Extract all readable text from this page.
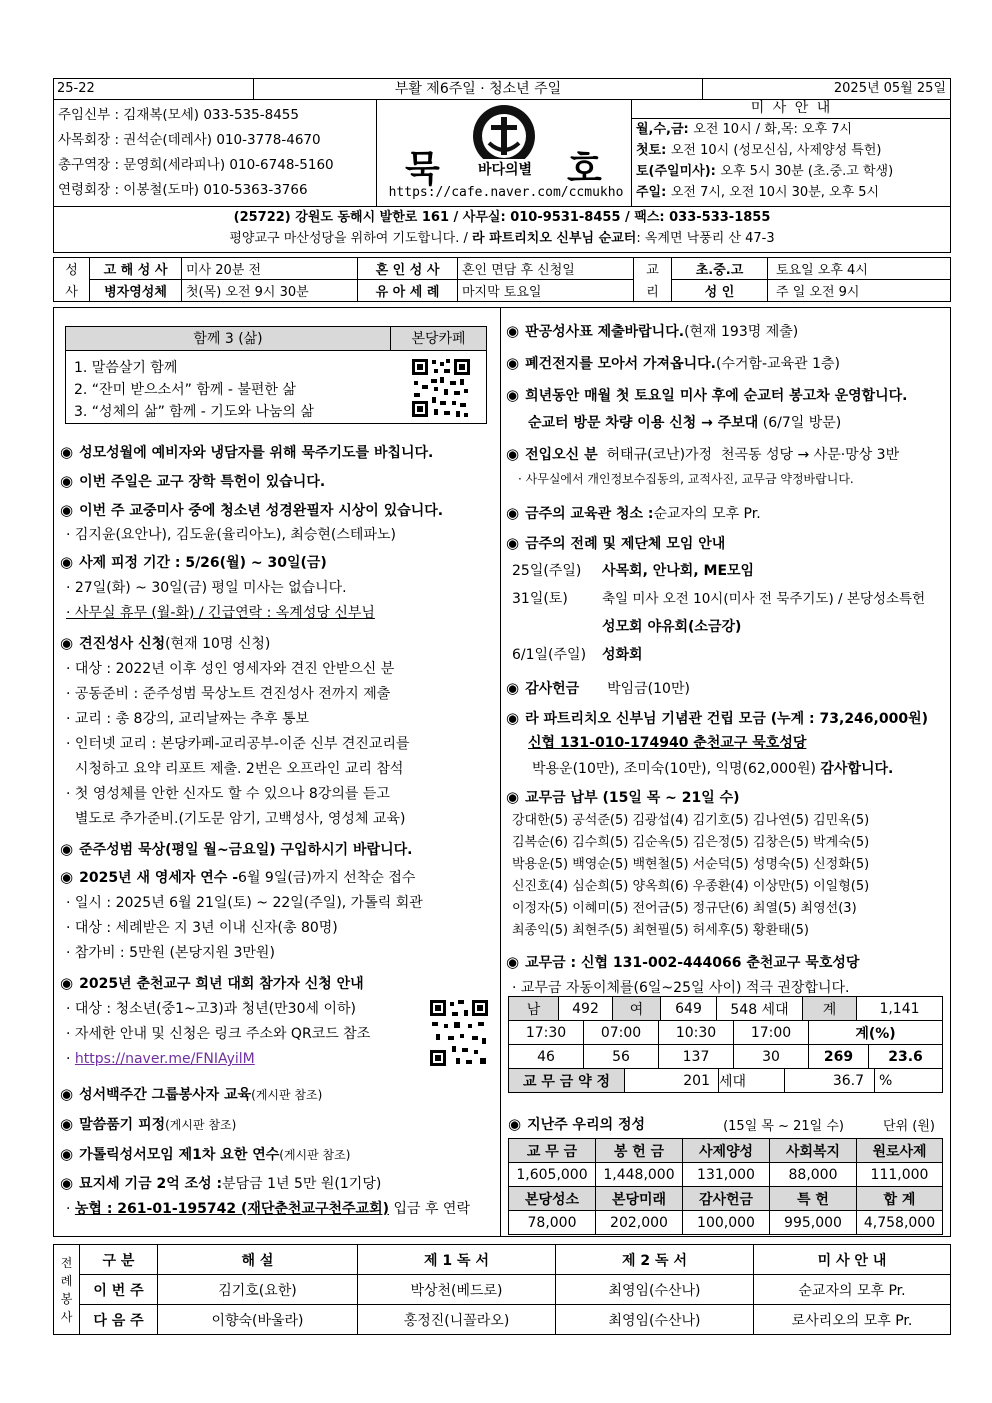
25-22	부활 제6주일 · 청소년 주일	2025년 05월 25일
주임신부 : 김재복(모세) 033-535-8455
사목회장 : 권석순(데레사) 010-3778-4670
총구역장 : 문영희(세라피나) 010-6748-5160
연령회장 : 이봉철(도마) 010-5363-3766	묵	호
바다의별
https://cafe.naver.com/ccmukho
미 사 안 내
월,수,금: 오전 10시 / 화,목: 오후 7시
첫토: 오전 10시 (성모신심, 사제양성 특헌)
토(주일미사): 오후 5시 30분 (초.중.고 학생)
주일: 오전 7시, 오전 10시 30분, 오후 5시
(25722) 강원도 동해시 발한로 161 / 사무실: 010-9531-8455 / 팩스: 033-533-1855
평양교구 마산성당을 위하여 기도합니다. / 라 파트리치오 신부님 순교터: 옥계면 낙풍리 산 47-3
성	고 해 성 사	미사 20분 전	혼 인 성 사	혼인 면담 후 신청일	교	초.중.고	토요일 오후 4시
사	병자영성체	첫(목) 오전 9시 30분	유 아 세 례	마지막 토요일	리	성 인	주 일 오전 9시
함께 3 (삶)	본당카페
1. 말씀살기 함께
2. “잔미 받으소서” 함께 - 불편한 삶
3. “성체의 삶” 함께 - 기도와 나눔의 삶
◉ 성모성월에 예비자와 냉담자를 위해 묵주기도를 바칩니다.
◉ 이번 주일은 교구 장학 특헌이 있습니다.
◉ 이번 주 교중미사 중에 청소년 성경완필자 시상이 있습니다.
· 김지윤(요안나), 김도윤(율리아노), 최승현(스테파노)
◉ 사제 피정 기간 : 5/26(월) ~ 30일(금)
· 27일(화) ~ 30일(금) 평일 미사는 없습니다.
· 사무실 휴무 (월-화) / 긴급연락 : 옥계성당 신부님
◉ 견진성사 신청 (현재 10명 신청)
· 대상 : 2022년 이후 성인 영세자와 견진 안받으신 분
· 공동준비 : 준주성범 묵상노트 견진성사 전까지 제출
· 교리 : 총 8강의, 교리날짜는 추후 통보
· 인터넷 교리 : 본당카페-교리공부-이준 신부 견진교리를
시청하고 요약 리포트 제출. 2번은 오프라인 교리 참석
· 첫 영성체를 안한 신자도 할 수 있으나 8강의를 듣고
별도로 추가준비.(기도문 암기, 고백성사, 영성체 교육)
◉ 준주성범 묵상(평일 월~금요일) 구입하시기 바랍니다.
◉ 2025년 새 영세자 연수 - 6월 9일(금)까지 선착순 접수
· 일시 : 2025년 6월 21일(토) ~ 22일(주일), 가톨릭 회관
· 대상 : 세례받은 지 3년 이내 신자(총 80명)
· 참가비 : 5만원 (본당지원 3만원)
◉ 2025년 춘천교구 희년 대회 참가자 신청 안내
· 대상 : 청소년(중1~고3)과 청년(만30세 이하)
· 자세한 안내 및 신청은 링크 주소와 QR코드 참조
· https://naver.me/FNIAyilM
◉ 성서백주간 그룹봉사자 교육 (게시판 참조)
◉ 말씀품기 피정 (게시판 참조)
◉ 가톨릭성서모임 제1차 요한 연수 (게시판 참조)
◉ 묘지세 기금 2억 조성 : 분담금 1년 5만 원(1기당)
· 농협 : 261-01-195742 (재단춘천교구천주교회) 입금 후 연락
◉ 판공성사표 제출바랍니다. (현재 193명 제출)
◉ 폐건전지를 모아서 가져옵니다. (수거함-교육관 1층)
◉ 희년동안 매월 첫 토요일 미사 후에 순교터 봉고차 운영합니다.
순교터 방문 차량 이용 신청 → 주보대 (6/7일 방문)
◉ 전입오신 분 허태규(코난)가정  천곡동 성당 → 사문·망상 3반
· 사무실에서 개인정보수집동의, 교적사진, 교무금 약정바랍니다.
◉ 금주의 교육관 청소 : 순교자의 모후 Pr.
◉ 금주의 전례 및 제단체 모임 안내
25일(주일)	사목회, 안나회, ME모임
31일(토)	축일 미사 오전 10시(미사 전 묵주기도) / 본당성소특헌
성모회 야유회(소금강)
6/1일(주일)	성화회
◉ 감사헌금	박임금(10만)
◉ 라 파트리치오 신부님 기념관 건립 모금 (누계 : 73,246,000원)
신협 131-010-174940 춘천교구 묵호성당
박용운(10만), 조미숙(10만), 익명(62,000원) 감사합니다.
◉ 교무금 납부 (15일 목 ~ 21일 수)
강대한(5) 공석준(5) 김광섭(4) 김기호(5) 김나연(5) 김민옥(5)
김복순(6) 김수희(5) 김순옥(5) 김은정(5) 김창은(5) 박계숙(5)
박용운(5) 백영순(5) 백현철(5) 서순덕(5) 성명숙(5) 신정화(5)
신진호(4) 심순희(5) 양옥희(6) 우종환(4) 이상만(5) 이일형(5)
이정자(5) 이혜미(5) 전어금(5) 정규단(6) 최열(5) 최영선(3)
최종익(5) 최현주(5) 최현필(5) 허세후(5) 황환태(5)
◉ 교무금 : 신협 131-002-444066 춘천교구 묵호성당
· 교무금 자동이체를(6일~25일 사이) 적극 권장합니다.
남	492	여	649	548 세대	계	1,141
17:30	07:00	10:30	17:00	계(%)	
46	56	137	30	269	23.6
교 무 금 약 정	201	세대	36.7	%
◉ 지난주 우리의 정성	(15일 목 ~ 21일 수)	단위 (원)
교 무 금	봉 헌 금	사제양성	사회복지	원로사제
1,605,000	1,448,000	131,000	88,000	111,000
본당성소	본당미래	감사헌금	특 헌	합 계
78,000	202,000	100,000	995,000	4,758,000
전
례
봉
사	구 분	해 설	제 1 독 서	제 2 독 서	미 사 안 내
	이 번 주	김기호(요한)	박상천(베드로)	최영임(수산나)	순교자의 모후 Pr.
	다 음 주	이향숙(바울라)	홍정진(니꼴라오)	최영임(수산나)	로사리오의 모후 Pr.
